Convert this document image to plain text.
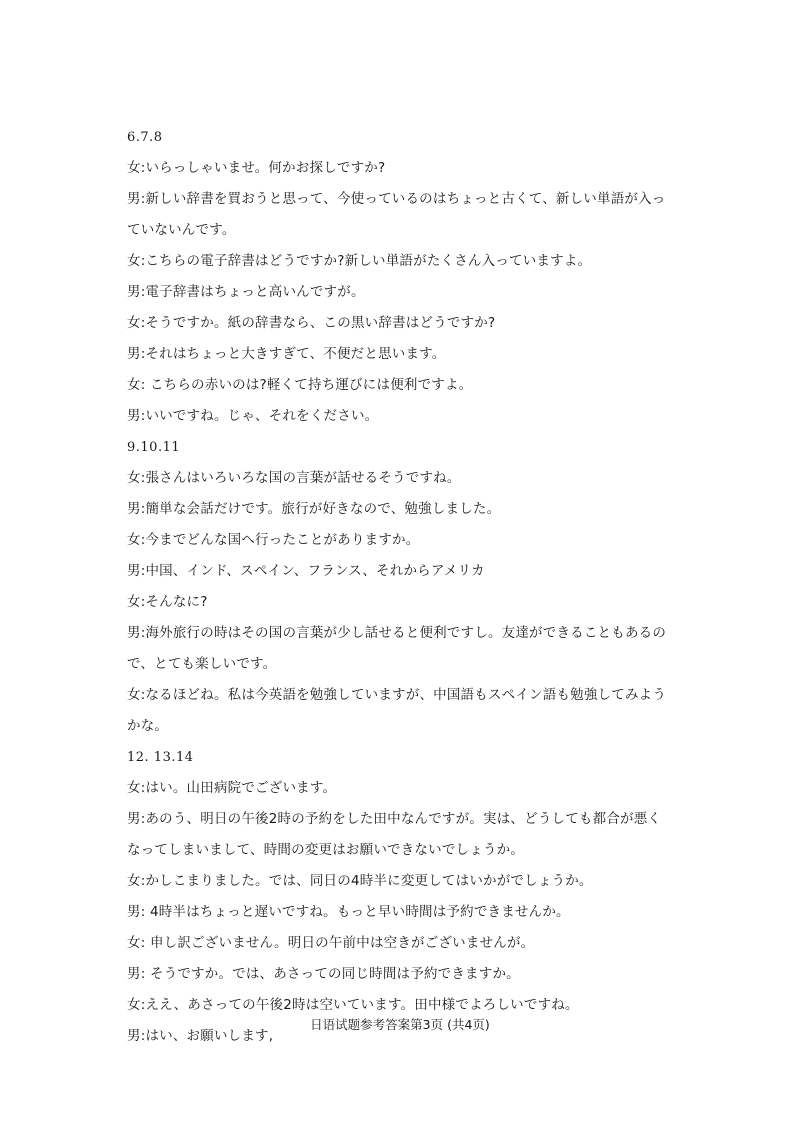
6.7.8
女:いらっしゃいませ。何かお探しですか?
男:新しい辞書を買おうと思って、今使っているのはちょっと古くて、新しい単語が入っ
ていないんです。
女:こちらの電子辞書はどうですか?新しい単語がたくさん入っていますよ。
男:電子辞書はちょっと高いんですが。
女:そうですか。紙の辞書なら、この黒い辞書はどうですか?
男:それはちょっと大きすぎて、不便だと思います。
女: こちらの赤いのは?軽くて持ち運びには便利ですよ。
男:いいですね。じゃ、それをください。
9.10.11
女:張さんはいろいろな国の言葉が話せるそうですね。
男:簡単な会話だけです。旅行が好きなので、勉強しました。
女:今までどんな国へ行ったことがありますか。
男:中国、インド、スペイン、フランス、それからアメリカ
女:そんなに?
男:海外旅行の時はその国の言葉が少し話せると便利ですし。友達ができることもあるの
で、とても楽しいです。
女:なるほどね。私は今英語を勉強していますが、中国語もスペイン語も勉強してみよう
かな。
12. 13.14
女:はい。山田病院でございます。
男:あのう、明日の午後2時の予約をした田中なんですが。実は、どうしても都合が悪く
なってしまいまして、時間の変更はお願いできないでしょうか。
女:かしこまりました。では、同日の4時半に変更してはいかがでしょうか。
男: 4時半はちょっと遅いですね。もっと早い時間は予約できませんか。
女: 申し訳ございません。明日の午前中は空きがございませんが。
男: そうですか。では、あさっての同じ時間は予約できますか。
女:ええ、あさっての午後2時は空いています。田中様でよろしいですね。
男:はい、お願いします,
日语试题参考答案第3页 (共4页)
